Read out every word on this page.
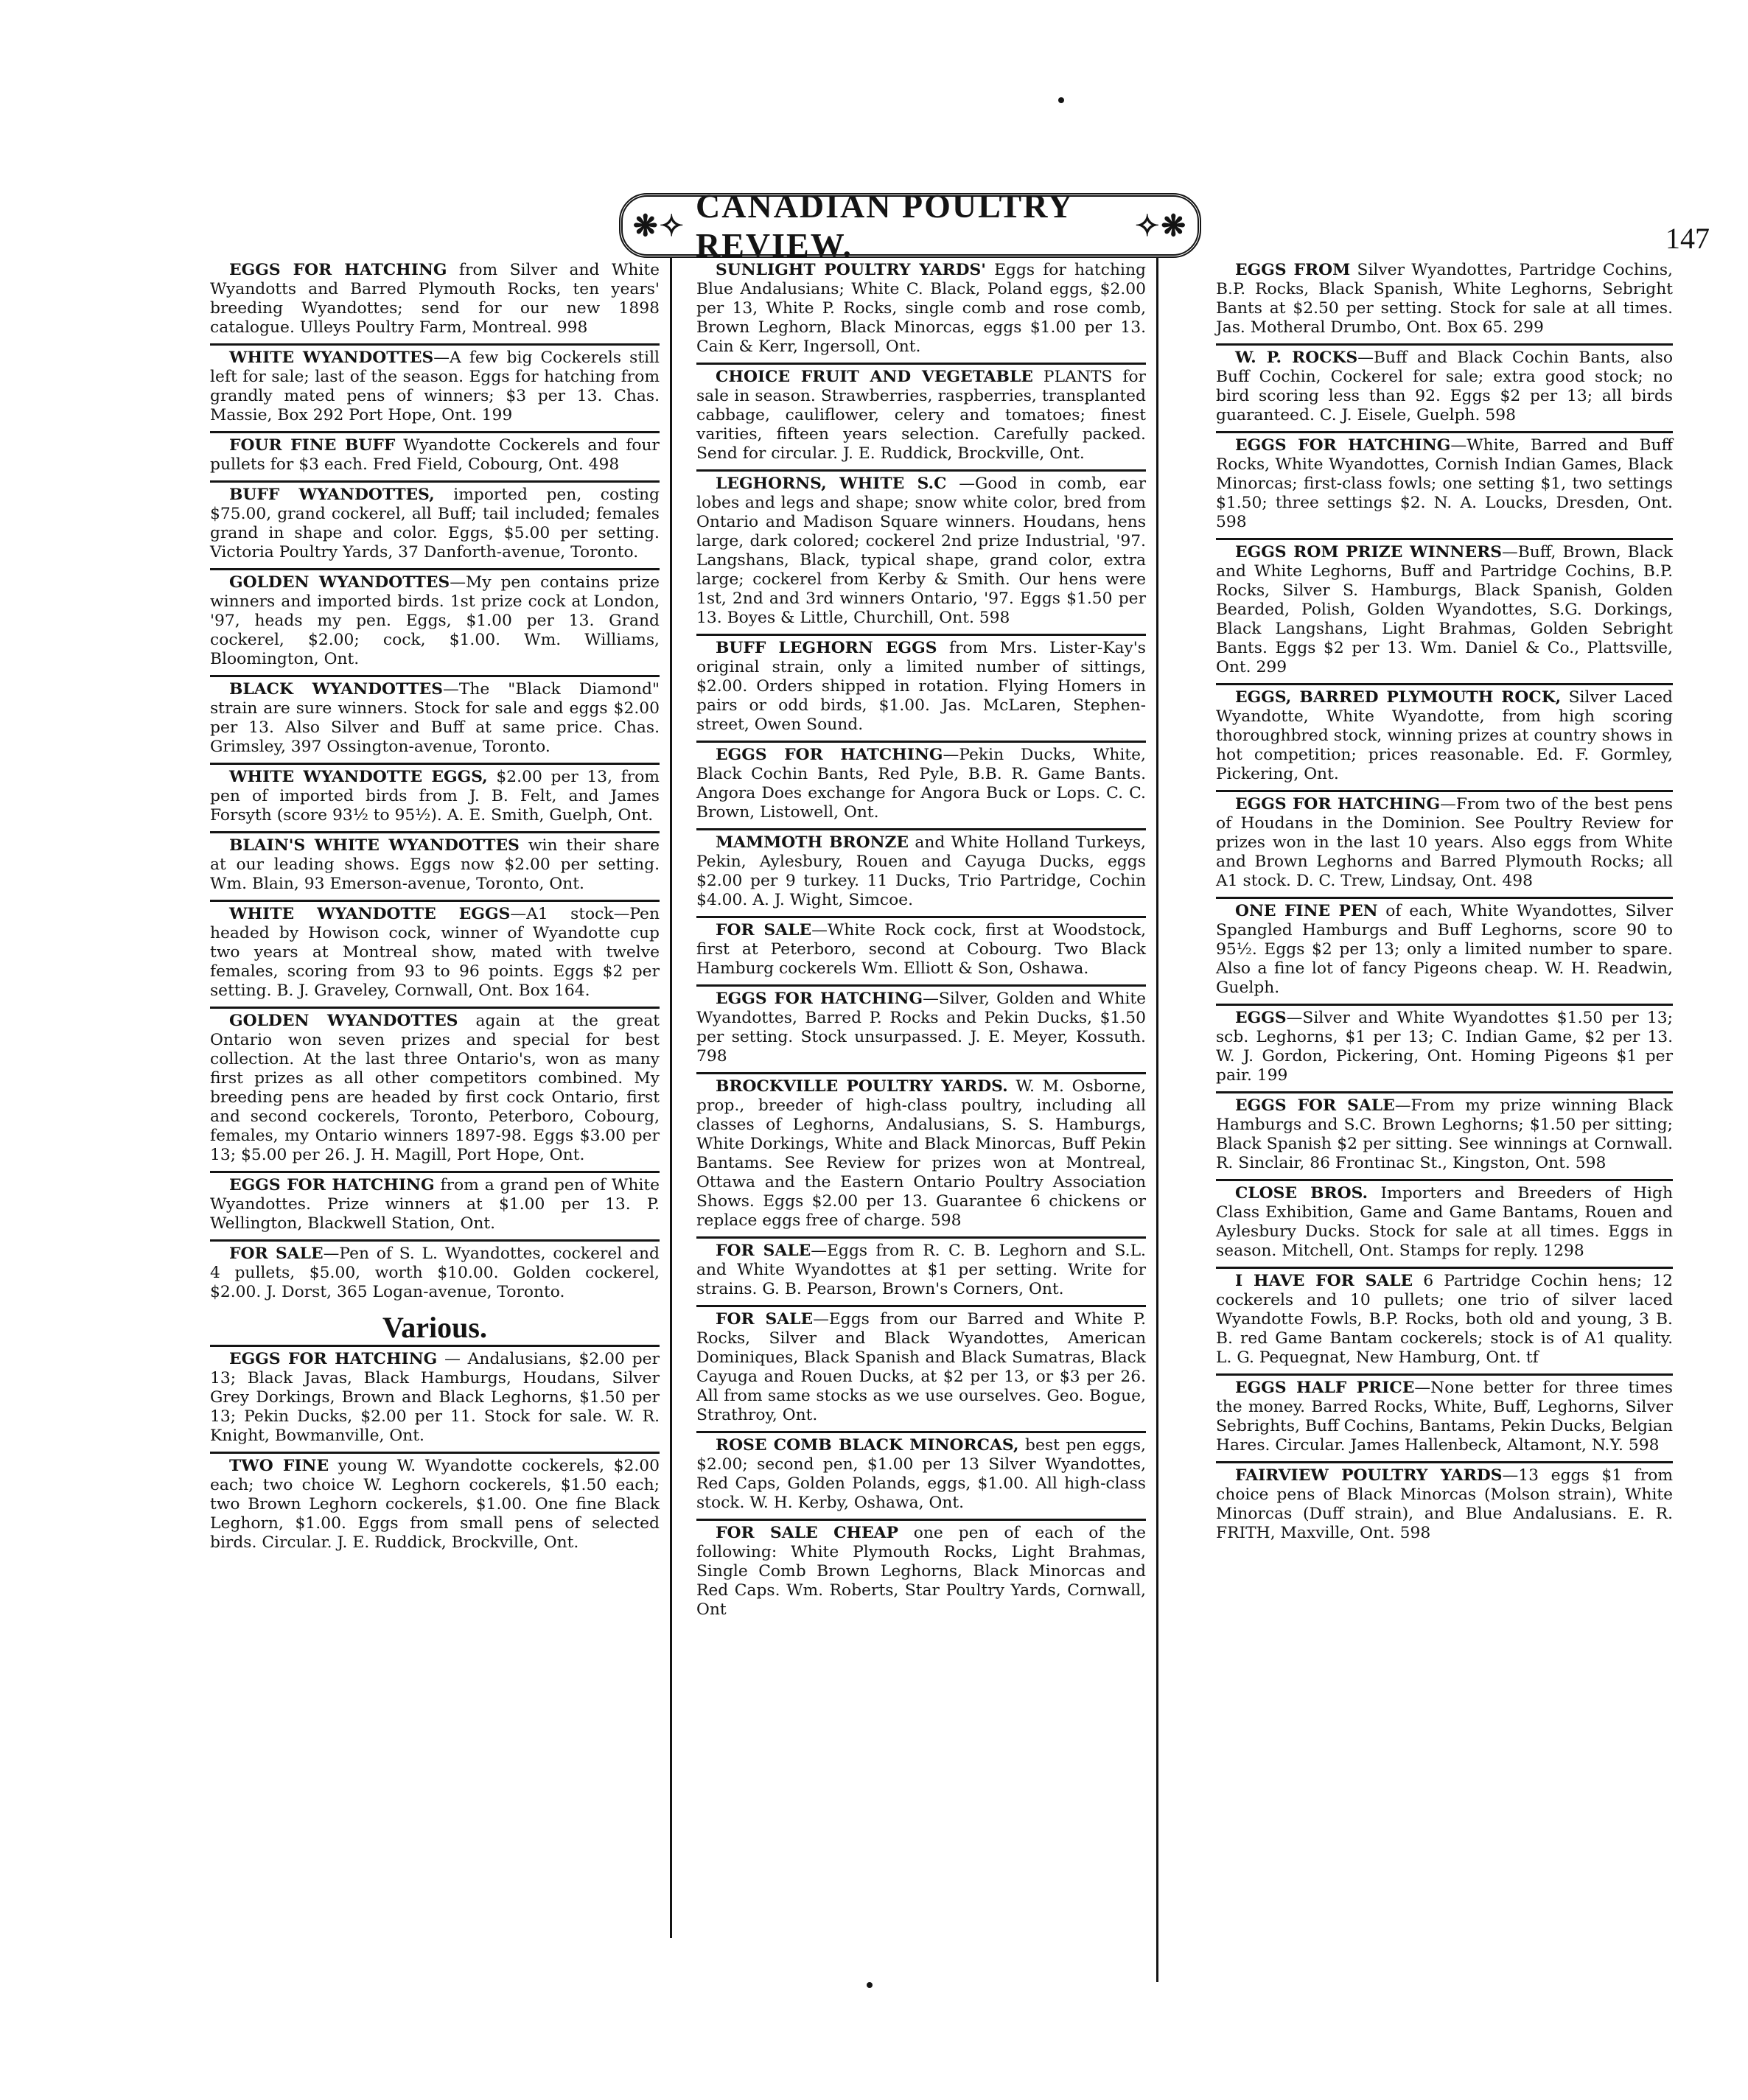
❋✧
CANADIAN POULTRY REVIEW.
✧❋	147

EGGS FOR HATCHING from Silver and White Wyandotts and Barred Plymouth Rocks, ten years' breeding Wyandottes; send for our new 1898 catalogue. Ulleys Poultry Farm, Montreal. 998

WHITE WYANDOTTES—A few big Cockerels still left for sale; last of the season. Eggs for hatching from grandly mated pens of winners; $3 per 13. Chas. Massie, Box 292 Port Hope, Ont. 199

FOUR FINE BUFF Wyandotte Cockerels and four pullets for $3 each. Fred Field, Cobourg, Ont. 498

BUFF WYANDOTTES, imported pen, costing $75.00, grand cockerel, all Buff; tail included; females grand in shape and color. Eggs, $5.00 per setting. Victoria Poultry Yards, 37 Danforth-avenue, Toronto.

GOLDEN WYANDOTTES—My pen contains prize winners and imported birds. 1st prize cock at London, '97, heads my pen. Eggs, $1.00 per 13. Grand cockerel, $2.00; cock, $1.00. Wm. Williams, Bloomington, Ont.

BLACK WYANDOTTES—The "Black Diamond" strain are sure winners. Stock for sale and eggs $2.00 per 13. Also Silver and Buff at same price. Chas. Grimsley, 397 Ossington-avenue, Toronto.

WHITE WYANDOTTE EGGS, $2.00 per 13, from pen of imported birds from J. B. Felt, and James Forsyth (score 93½ to 95½). A. E. Smith, Guelph, Ont.

BLAIN'S WHITE WYANDOTTES win their share at our leading shows. Eggs now $2.00 per setting. Wm. Blain, 93 Emerson-avenue, Toronto, Ont.

WHITE WYANDOTTE EGGS—A1 stock—Pen headed by Howison cock, winner of Wyandotte cup two years at Montreal show, mated with twelve females, scoring from 93 to 96 points. Eggs $2 per setting. B. J. Graveley, Cornwall, Ont. Box 164.

GOLDEN WYANDOTTES again at the great Ontario won seven prizes and special for best collection. At the last three Ontario's, won as many first prizes as all other competitors combined. My breeding pens are headed by first cock Ontario, first and second cockerels, Toronto, Peterboro, Cobourg, females, my Ontario winners 1897-98. Eggs $3.00 per 13; $5.00 per 26. J. H. Magill, Port Hope, Ont.

EGGS FOR HATCHING from a grand pen of White Wyandottes. Prize winners at $1.00 per 13. P. Wellington, Blackwell Station, Ont.

FOR SALE—Pen of S. L. Wyandottes, cockerel and 4 pullets, $5.00, worth $10.00. Golden cockerel, $2.00. J. Dorst, 365 Logan-avenue, Toronto.

Various.

EGGS FOR HATCHING — Andalusians, $2.00 per 13; Black Javas, Black Hamburgs, Houdans, Silver Grey Dorkings, Brown and Black Leghorns, $1.50 per 13; Pekin Ducks, $2.00 per 11. Stock for sale. W. R. Knight, Bowmanville, Ont.

TWO FINE young W. Wyandotte cockerels, $2.00 each; two choice W. Leghorn cockerels, $1.50 each; two Brown Leghorn cockerels, $1.00. One fine Black Leghorn, $1.00. Eggs from small pens of selected birds. Circular. J. E. Ruddick, Brockville, Ont.

SUNLIGHT POULTRY YARDS' Eggs for hatching Blue Andalusians; White C. Black, Poland eggs, $2.00 per 13, White P. Rocks, single comb and rose comb, Brown Leghorn, Black Minorcas, eggs $1.00 per 13. Cain & Kerr, Ingersoll, Ont.

CHOICE FRUIT AND VEGETABLE PLANTS for sale in season. Strawberries, raspberries, transplanted cabbage, cauliflower, celery and tomatoes; finest varities, fifteen years selection. Carefully packed. Send for circular. J. E. Ruddick, Brockville, Ont.

LEGHORNS, WHITE S.C —Good in comb, ear lobes and legs and shape; snow white color, bred from Ontario and Madison Square winners. Houdans, hens large, dark colored; cockerel 2nd prize Industrial, '97. Langshans, Black, typical shape, grand color, extra large; cockerel from Kerby & Smith. Our hens were 1st, 2nd and 3rd winners Ontario, '97. Eggs $1.50 per 13. Boyes & Little, Churchill, Ont. 598

BUFF LEGHORN EGGS from Mrs. Lister-Kay's original strain, only a limited number of sittings, $2.00. Orders shipped in rotation. Flying Homers in pairs or odd birds, $1.00. Jas. McLaren, Stephen-street, Owen Sound.

EGGS FOR HATCHING—Pekin Ducks, White, Black Cochin Bants, Red Pyle, B.B. R. Game Bants. Angora Does exchange for Angora Buck or Lops. C. C. Brown, Listowell, Ont.

MAMMOTH BRONZE and White Holland Turkeys, Pekin, Aylesbury, Rouen and Cayuga Ducks, eggs $2.00 per 9 turkey. 11 Ducks, Trio Partridge, Cochin $4.00. A. J. Wight, Simcoe.

FOR SALE—White Rock cock, first at Woodstock, first at Peterboro, second at Cobourg. Two Black Hamburg cockerels Wm. Elliott & Son, Oshawa.

EGGS FOR HATCHING—Silver, Golden and White Wyandottes, Barred P. Rocks and Pekin Ducks, $1.50 per setting. Stock unsurpassed. J. E. Meyer, Kossuth. 798

BROCKVILLE POULTRY YARDS. W. M. Osborne, prop., breeder of high-class poultry, including all classes of Leghorns, Andalusians, S. S. Hamburgs, White Dorkings, White and Black Minorcas, Buff Pekin Bantams. See Review for prizes won at Montreal, Ottawa and the Eastern Ontario Poultry Association Shows. Eggs $2.00 per 13. Guarantee 6 chickens or replace eggs free of charge. 598

FOR SALE—Eggs from R. C. B. Leghorn and S.L. and White Wyandottes at $1 per setting. Write for strains. G. B. Pearson, Brown's Corners, Ont.

FOR SALE—Eggs from our Barred and White P. Rocks, Silver and Black Wyandottes, American Dominiques, Black Spanish and Black Sumatras, Black Cayuga and Rouen Ducks, at $2 per 13, or $3 per 26. All from same stocks as we use ourselves. Geo. Bogue, Strathroy, Ont.

ROSE COMB BLACK MINORCAS, best pen eggs, $2.00; second pen, $1.00 per 13 Silver Wyandottes, Red Caps, Golden Polands, eggs, $1.00. All high-class stock. W. H. Kerby, Oshawa, Ont.

FOR SALE CHEAP one pen of each of the following: White Plymouth Rocks, Light Brahmas, Single Comb Brown Leghorns, Black Minorcas and Red Caps. Wm. Roberts, Star Poultry Yards, Cornwall, Ont

EGGS FROM Silver Wyandottes, Partridge Cochins, B.P. Rocks, Black Spanish, White Leghorns, Sebright Bants at $2.50 per setting. Stock for sale at all times. Jas. Motheral Drumbo, Ont. Box 65. 299

W. P. ROCKS—Buff and Black Cochin Bants, also Buff Cochin, Cockerel for sale; extra good stock; no bird scoring less than 92. Eggs $2 per 13; all birds guaranteed. C. J. Eisele, Guelph. 598

EGGS FOR HATCHING—White, Barred and Buff Rocks, White Wyandottes, Cornish Indian Games, Black Minorcas; first-class fowls; one setting $1, two settings $1.50; three settings $2. N. A. Loucks, Dresden, Ont. 598

EGGS ROM PRIZE WINNERS—Buff, Brown, Black and White Leghorns, Buff and Partridge Cochins, B.P. Rocks, Silver S. Hamburgs, Black Spanish, Golden Bearded, Polish, Golden Wyandottes, S.G. Dorkings, Black Langshans, Light Brahmas, Golden Sebright Bants. Eggs $2 per 13. Wm. Daniel & Co., Plattsville, Ont. 299

EGGS, BARRED PLYMOUTH ROCK, Silver Laced Wyandotte, White Wyandotte, from high scoring thoroughbred stock, winning prizes at country shows in hot competition; prices reasonable. Ed. F. Gormley, Pickering, Ont.

EGGS FOR HATCHING—From two of the best pens of Houdans in the Dominion. See Poultry Review for prizes won in the last 10 years. Also eggs from White and Brown Leghorns and Barred Plymouth Rocks; all A1 stock. D. C. Trew, Lindsay, Ont. 498

ONE FINE PEN of each, White Wyandottes, Silver Spangled Hamburgs and Buff Leghorns, score 90 to 95½. Eggs $2 per 13; only a limited number to spare. Also a fine lot of fancy Pigeons cheap. W. H. Readwin, Guelph.

EGGS—Silver and White Wyandottes $1.50 per 13; scb. Leghorns, $1 per 13; C. Indian Game, $2 per 13. W. J. Gordon, Pickering, Ont. Homing Pigeons $1 per pair. 199

EGGS FOR SALE—From my prize winning Black Hamburgs and S.C. Brown Leghorns; $1.50 per sitting; Black Spanish $2 per sitting. See winnings at Cornwall. R. Sinclair, 86 Frontinac St., Kingston, Ont. 598

CLOSE BROS. Importers and Breeders of High Class Exhibition, Game and Game Bantams, Rouen and Aylesbury Ducks. Stock for sale at all times. Eggs in season. Mitchell, Ont. Stamps for reply. 1298

I HAVE FOR SALE 6 Partridge Cochin hens; 12 cockerels and 10 pullets; one trio of silver laced Wyandotte Fowls, B.P. Rocks, both old and young, 3 B. B. red Game Bantam cockerels; stock is of A1 quality. L. G. Pequegnat, New Hamburg, Ont. tf

EGGS HALF PRICE—None better for three times the money. Barred Rocks, White, Buff, Leghorns, Silver Sebrights, Buff Cochins, Bantams, Pekin Ducks, Belgian Hares. Circular. James Hallenbeck, Altamont, N.Y. 598

FAIRVIEW POULTRY YARDS—13 eggs $1 from choice pens of Black Minorcas (Molson strain), White Minorcas (Duff strain), and Blue Andalusians. E. R. FRITH, Maxville, Ont. 598
